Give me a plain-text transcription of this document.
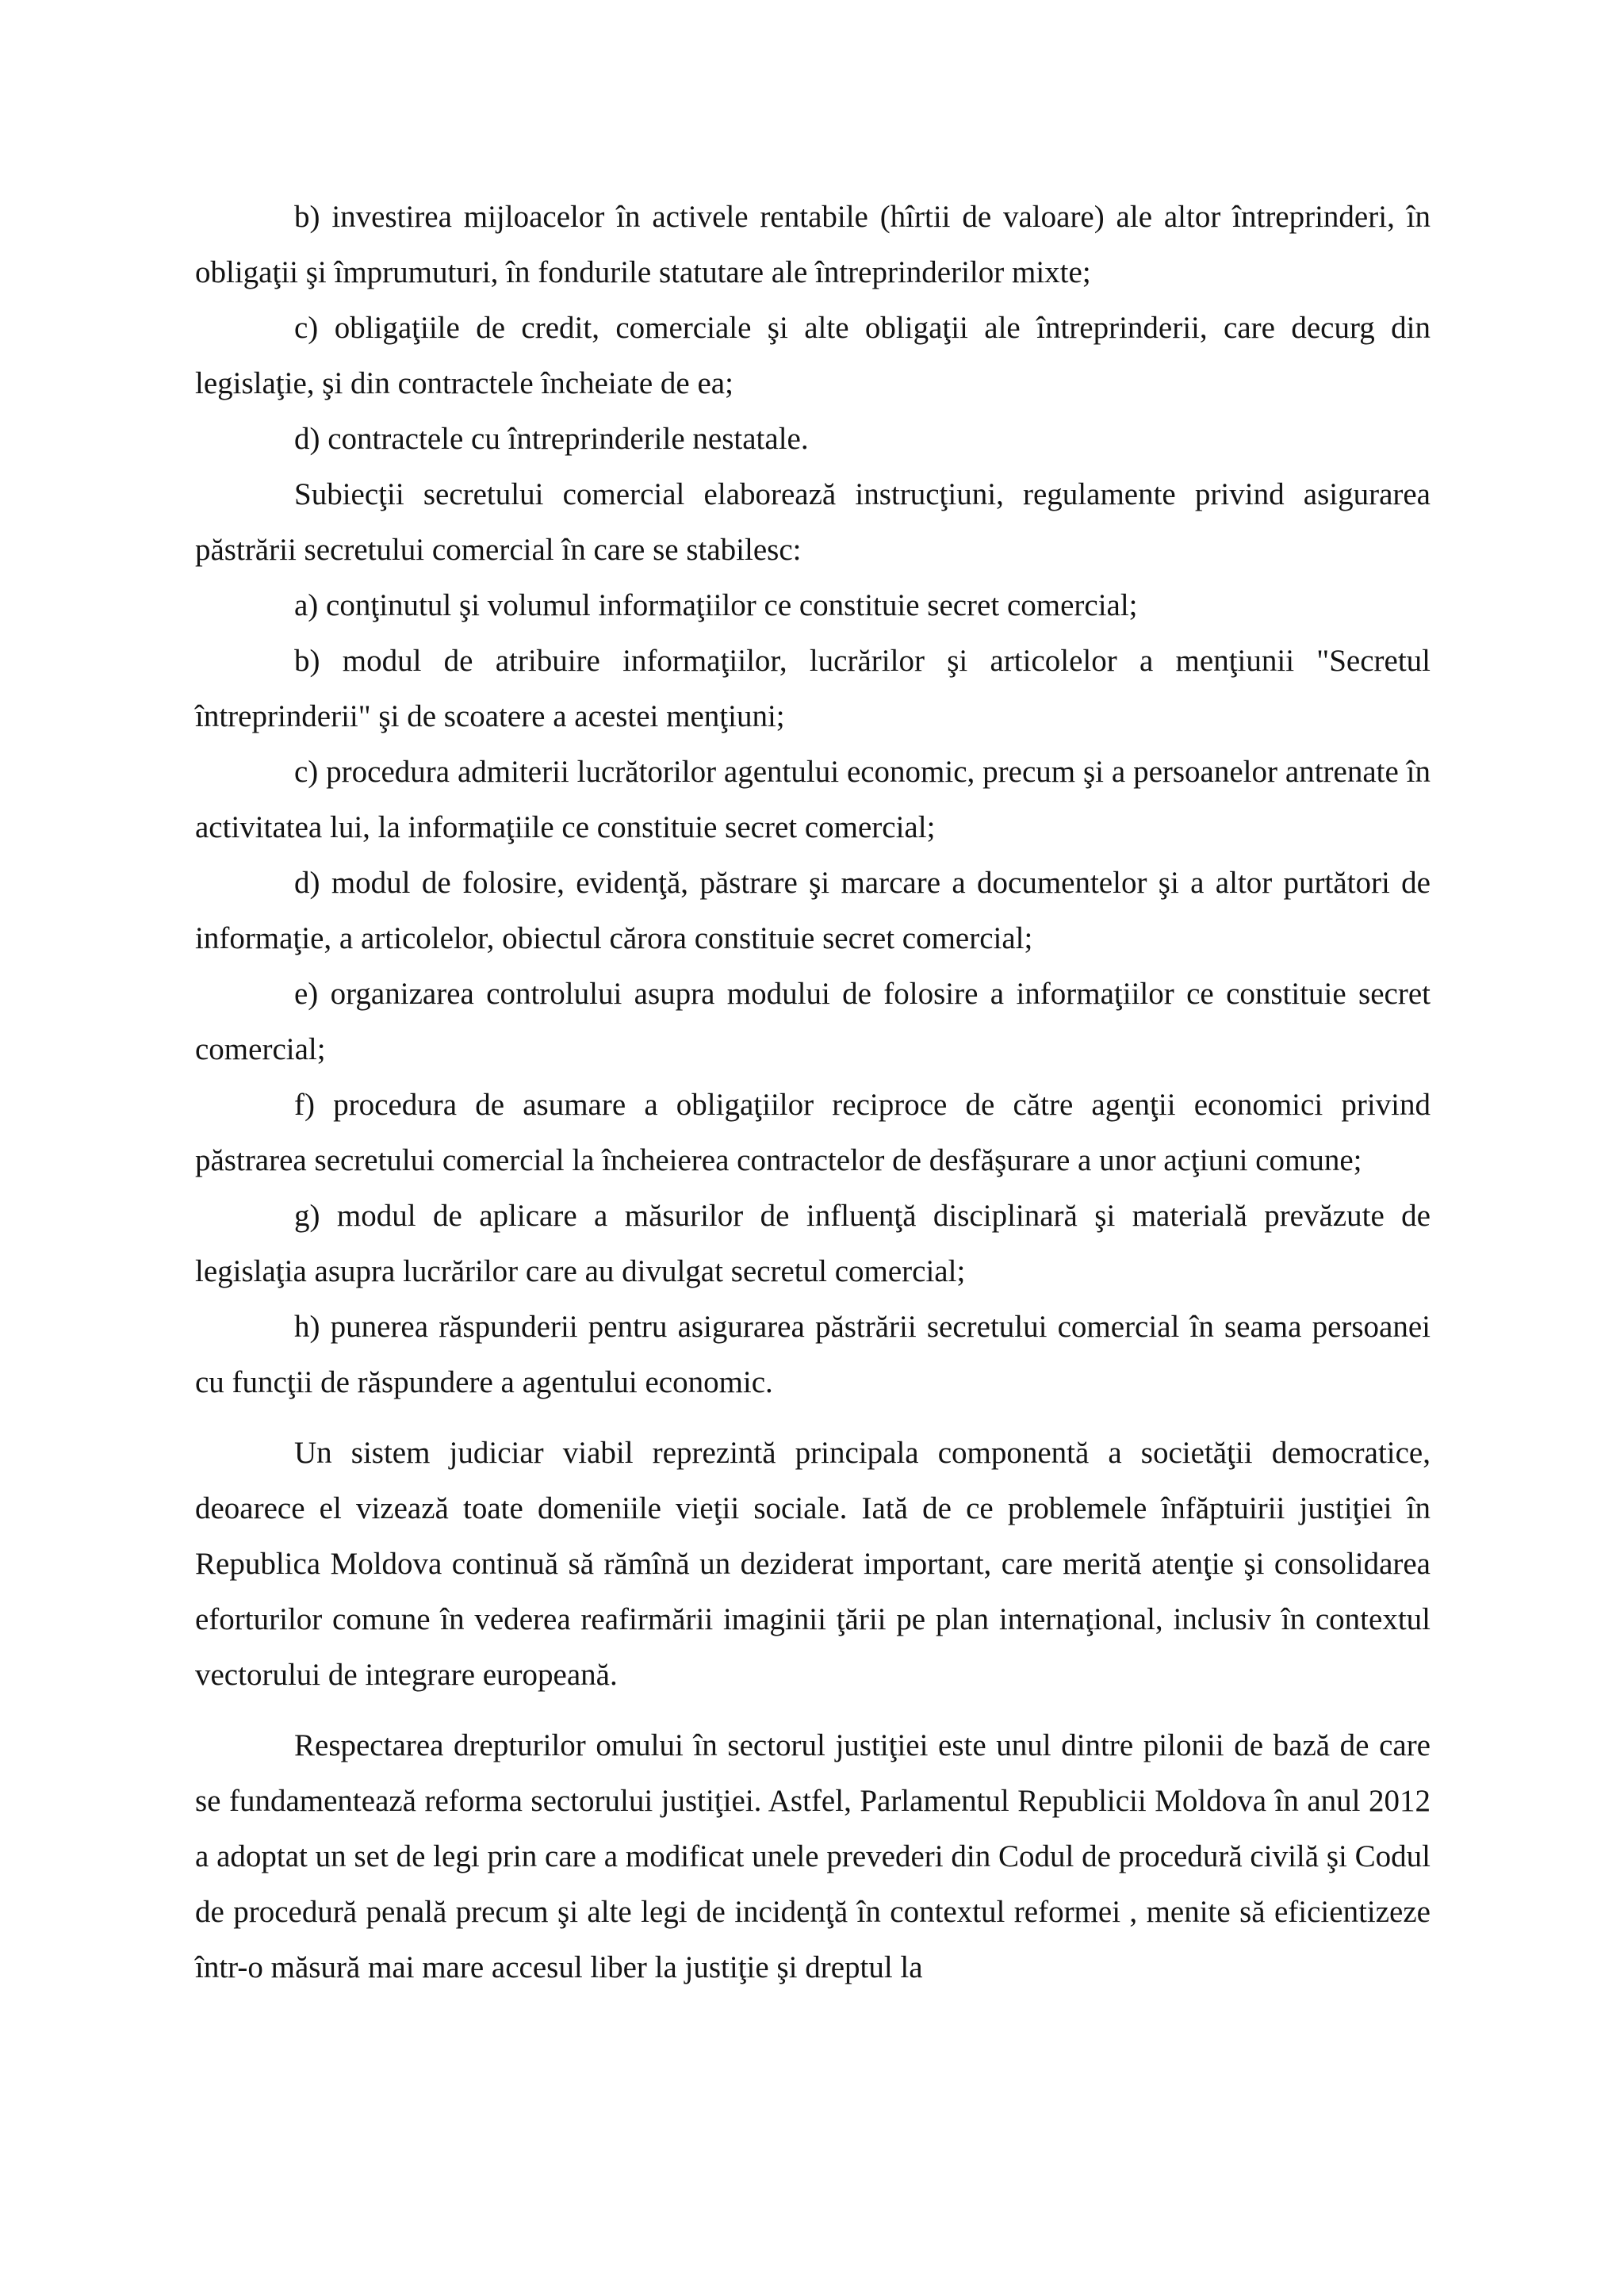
b) investirea mijloacelor în activele rentabile (hîrtii de valoare) ale altor întreprinderi, în obligaţii şi împrumuturi, în fondurile statutare ale întreprinderilor mixte;

c) obligaţiile de credit, comerciale şi alte obligaţii ale întreprinderii, care decurg din legislaţie, şi din contractele încheiate de ea;

d) contractele cu întreprinderile nestatale.

Subiecţii secretului comercial elaborează instrucţiuni, regulamente privind asigurarea păstrării secretului comercial în care se stabilesc:

a) conţinutul şi volumul informaţiilor ce constituie secret comercial;

b) modul de atribuire informaţiilor, lucrărilor şi articolelor a menţiunii "Secretul întreprinderii" şi de scoatere a acestei menţiuni;

c) procedura admiterii lucrătorilor agentului economic, precum şi a persoanelor antrenate în activitatea lui, la informaţiile ce constituie secret comercial;

d) modul de folosire, evidenţă, păstrare şi marcare a documentelor şi a altor purtători de informaţie, a articolelor, obiectul cărora constituie secret comercial;

e) organizarea controlului asupra modului de folosire a informaţiilor ce constituie secret comercial;

f) procedura de asumare a obligaţiilor reciproce de către agenţii economici privind păstrarea secretului comercial la încheierea contractelor de desfăşurare a unor acţiuni comune;

g) modul de aplicare a măsurilor de influenţă disciplinară şi materială prevăzute de legislaţia asupra lucrărilor care au divulgat secretul comercial;

h) punerea răspunderii pentru asigurarea păstrării secretului comercial în seama persoanei cu funcţii de răspundere a agentului economic.

Un sistem judiciar viabil reprezintă principala componentă a societăţii democratice, deoarece el vizează toate domeniile vieţii sociale. Iată de ce problemele înfăptuirii justiţiei în Republica Moldova continuă să rămînă un deziderat important, care merită atenţie şi consolidarea eforturilor comune în vederea reafirmării imaginii ţării pe plan internaţional, inclusiv în contextul vectorului de integrare europeană.

Respectarea drepturilor omului în sectorul justiţiei este unul dintre pilonii de bază de care se fundamentează reforma sectorului justiţiei. Astfel, Parlamentul Republicii Moldova în anul 2012 a adoptat un set de legi prin care a modificat unele prevederi din Codul de procedură civilă şi Codul de procedură penală precum şi alte legi de incidenţă în contextul reformei , menite să eficientizeze într-o măsură mai mare accesul liber la justiţie şi dreptul la
